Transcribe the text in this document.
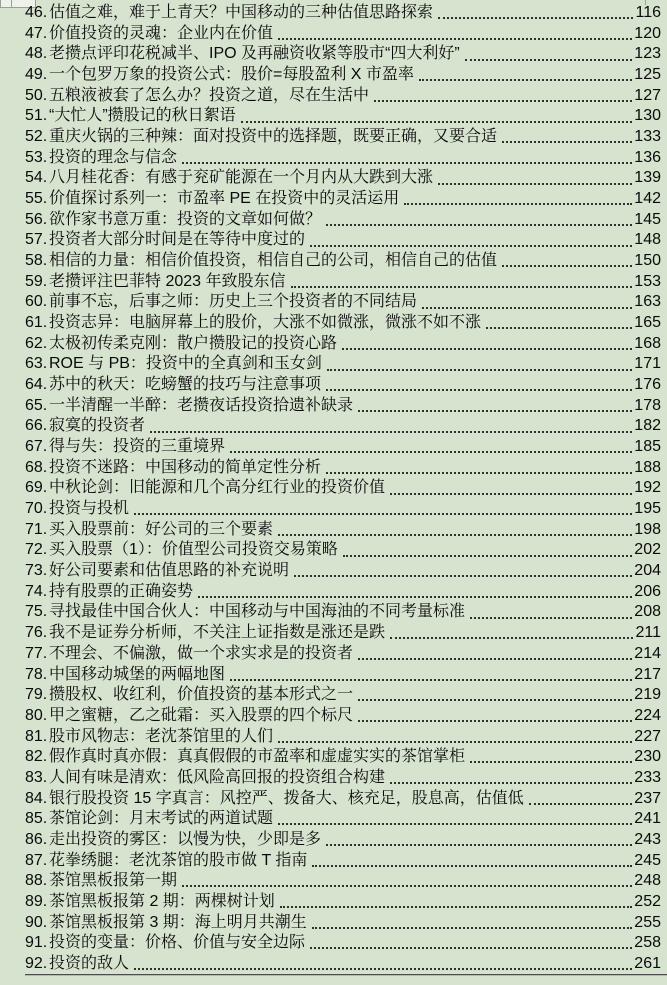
46. 估值之难，难于上青天？中国移动的三种估值思路探索	116
47. 价值投资的灵魂：企业内在价值	120
48. 老攒点评印花税减半、IPO 及再融资收紧等股市“四大利好”	123
49. 一个包罗万象的投资公式：股价=每股盈利 X 市盈率	125
50. 五粮液被套了怎么办？投资之道，尽在生活中	127
51. “大忙人”攒股记的秋日絮语	130
52. 重庆火锅的三种辣：面对投资中的选择题，既要正确，又要合适	133
53. 投资的理念与信念	136
54. 八月桂花香：有感于兖矿能源在一个月内从大跌到大涨	139
55. 价值探讨系列一：市盈率 PE 在投资中的灵活运用	142
56. 欲作家书意万重：投资的文章如何做？	145
57. 投资者大部分时间是在等待中度过的	148
58. 相信的力量：相信价值投资，相信自己的公司，相信自己的估值	150
59. 老攒评注巴菲特 2023 年致股东信	153
60. 前事不忘，后事之师：历史上三个投资者的不同结局	163
61. 投资志异：电脑屏幕上的股价，大涨不如微涨，微涨不如不涨	165
62. 太极初传柔克刚：散户攒股记的投资心路	168
63. ROE 与 PB：投资中的全真剑和玉女剑	171
64. 苏中的秋天：吃螃蟹的技巧与注意事项	176
65. 一半清醒一半醉：老攒夜话投资拾遗补缺录	178
66. 寂寞的投资者	182
67. 得与失：投资的三重境界	185
68. 投资不迷路：中国移动的简单定性分析	188
69. 中秋论剑：旧能源和几个高分红行业的投资价值	192
70. 投资与投机	195
71. 买入股票前：好公司的三个要素	198
72. 买入股票（1）：价值型公司投资交易策略	202
73. 好公司要素和估值思路的补充说明	204
74. 持有股票的正确姿势	206
75. 寻找最佳中国合伙人：中国移动与中国海油的不同考量标准	208
76. 我不是证券分析师，不关注上证指数是涨还是跌	211
77. 不理会、不偏激，做一个求实求是的投资者	214
78. 中国移动城堡的两幅地图	217
79. 攒股权、收红利，价值投资的基本形式之一	219
80. 甲之蜜糖，乙之砒霜：买入股票的四个标尺	224
81. 股市风物志：老沈茶馆里的人们	227
82. 假作真时真亦假：真真假假的市盈率和虚虚实实的茶馆掌柜	230
83. 人间有味是清欢：低风险高回报的投资组合构建	233
84. 银行股投资 15 字真言：风控严、拨备大、核充足，股息高，估值低	237
85. 茶馆论剑：月末考试的两道试题	241
86. 走出投资的雾区：以慢为快，少即是多	243
87. 花拳绣腿：老沈茶馆的股市做 T 指南	245
88. 茶馆黑板报第一期	248
89. 茶馆黑板报第 2 期：两棵树计划	252
90. 茶馆黑板报第 3 期：海上明月共潮生	255
91. 投资的变量：价格、价值与安全边际	258
92. 投资的敌人	261
